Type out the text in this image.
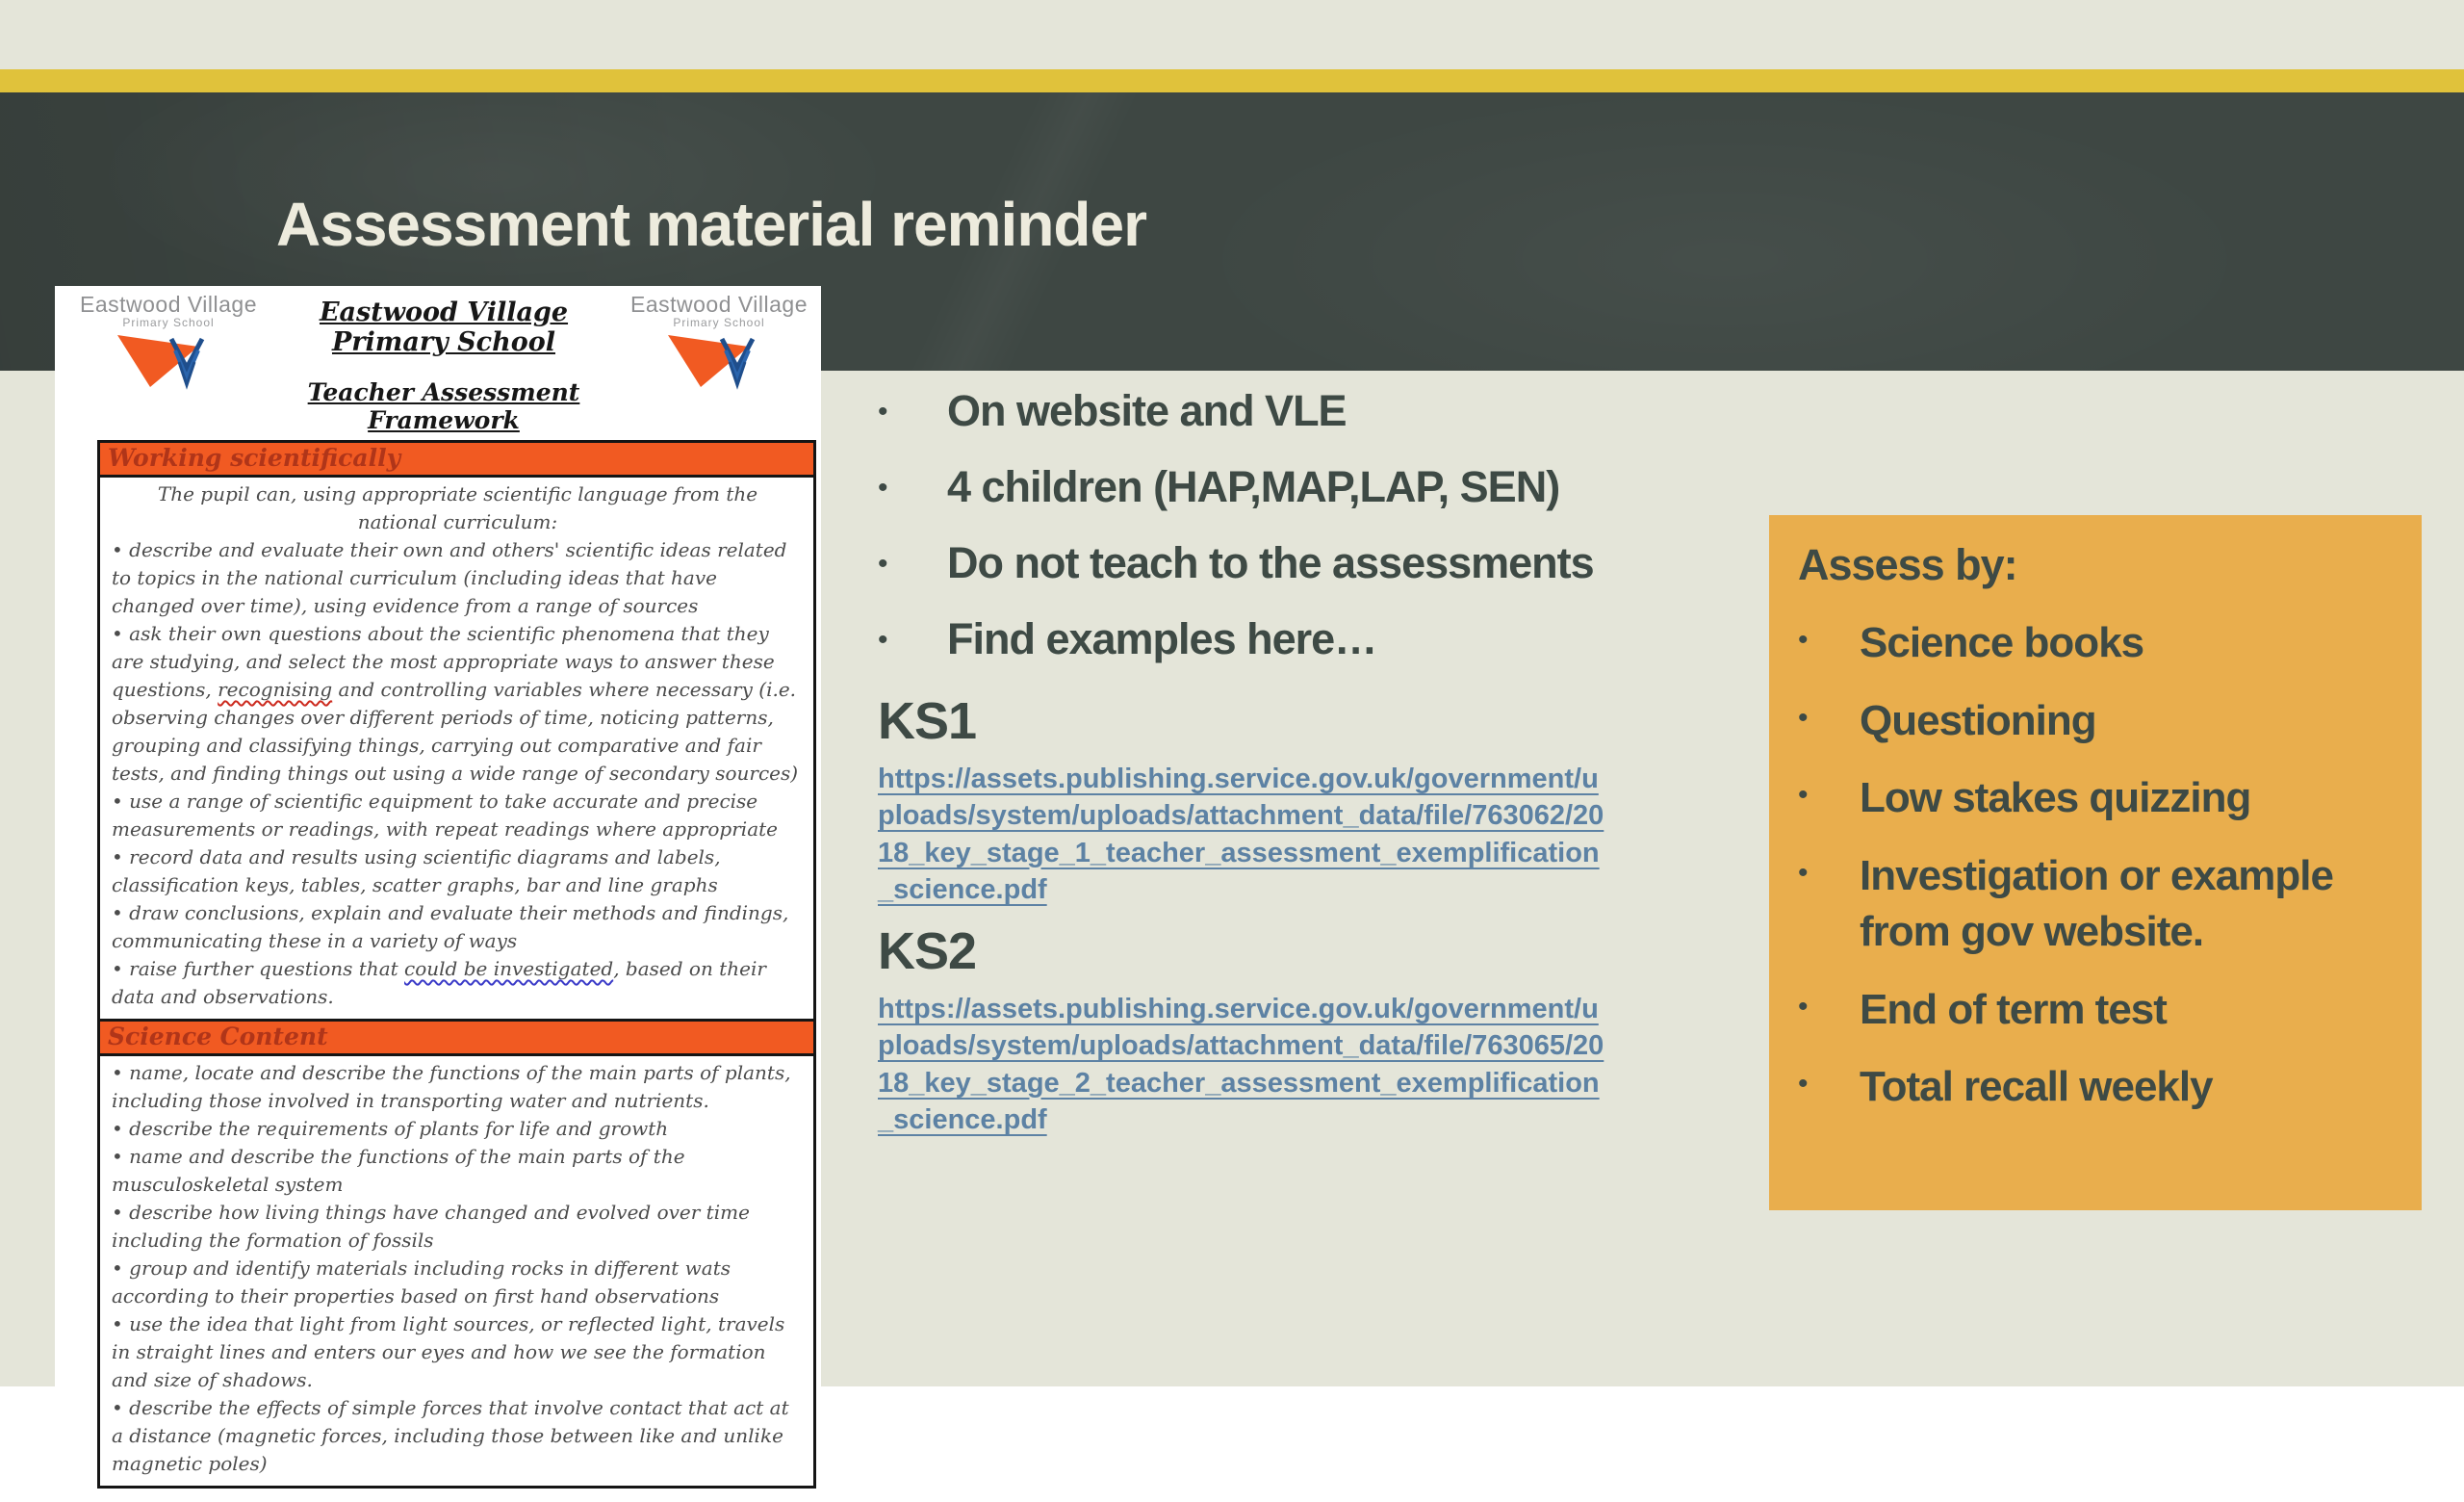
Assessment material reminder
Eastwood Village
Primary School	Eastwood Village Primary School
Teacher Assessment Framework
Eastwood Village
Primary School
Working scientifically

The pupil can, using appropriate scientific language from the national curriculum:

• describe and evaluate their own and others' scientific ideas related to topics in the national curriculum (including ideas that have changed over time), using evidence from a range of sources
• ask their own questions about the scientific phenomena that they are studying, and select the most appropriate ways to answer these questions, recognising and controlling variables where necessary (i.e. observing changes over different periods of time, noticing patterns, grouping and classifying things, carrying out comparative and fair tests, and finding things out using a wide range of secondary sources)
• use a range of scientific equipment to take accurate and precise measurements or readings, with repeat readings where appropriate
• record data and results using scientific diagrams and labels, classification keys, tables, scatter graphs, bar and line graphs
• draw conclusions, explain and evaluate their methods and findings, communicating these in a variety of ways
• raise further questions that could be investigated, based on their data and observations.
Science Content
• name, locate and describe the functions of the main parts of plants, including those involved in transporting water and nutrients.
• describe the requirements of plants for life and growth
• name and describe the functions of the main parts of the musculoskeletal system
• describe how living things have changed and evolved over time including the formation of fossils
• group and identify materials including rocks in different wats according to their properties based on first hand observations
• use the idea that light from light sources, or reflected light, travels in straight lines and enters our eyes and how we see the formation and size of shadows.
• describe the effects of simple forces that involve contact that act at a distance (magnetic forces, including those between like and unlike magnetic poles)
•	On website and VLE
•	4 children (HAP,MAP,LAP, SEN)
•	Do not teach to the assessments
•	Find examples here…
KS1
https://assets.publishing.service.gov.uk/government/uploads/system/uploads/attachment_data/file/763062/2018_key_stage_1_teacher_assessment_exemplification_science.pdf
KS2
https://assets.publishing.service.gov.uk/government/uploads/system/uploads/attachment_data/file/763065/2018_key_stage_2_teacher_assessment_exemplification_science.pdf
Assess by:
•	Science books
•	Questioning
•	Low stakes quizzing
•	Investigation or example from gov website.
•	End of term test
•	Total recall weekly
